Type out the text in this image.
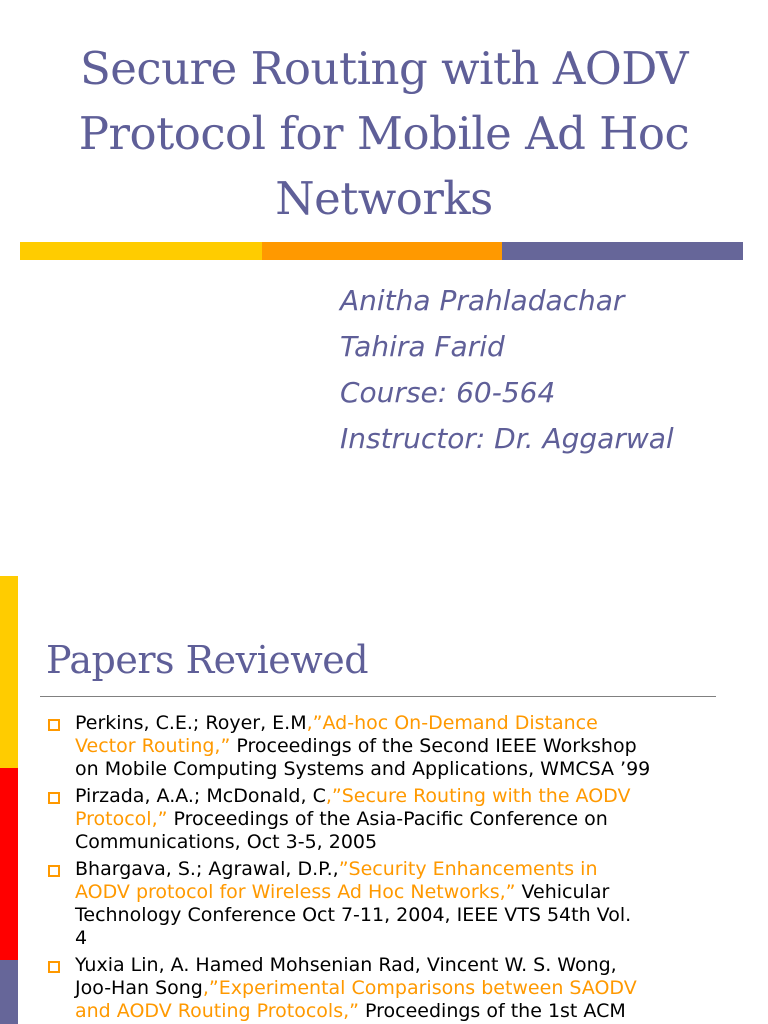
Secure Routing with AODV
Protocol for Mobile Ad Hoc
Networks
Anitha Prahladachar
Tahira Farid
Course: 60-564
Instructor: Dr. Aggarwal
Papers Reviewed
Perkins, C.E.; Royer, E.M,”Ad-hoc On-Demand Distance
Vector Routing,” Proceedings of the Second IEEE Workshop
on Mobile Computing Systems and Applications, WMCSA ’99
Pirzada, A.A.; McDonald, C,”Secure Routing with the AODV
Protocol,” Proceedings of the Asia-Pacific Conference on
Communications, Oct 3-5, 2005
Bhargava, S.; Agrawal, D.P.,”Security Enhancements in
AODV protocol for Wireless Ad Hoc Networks,” Vehicular
Technology Conference Oct 7-11, 2004, IEEE VTS 54th Vol.
4
Yuxia Lin, A. Hamed Mohsenian Rad, Vincent W. S. Wong,
Joo-Han Song,”Experimental Comparisons between SAODV
and AODV Routing Protocols,” Proceedings of the 1st ACM
